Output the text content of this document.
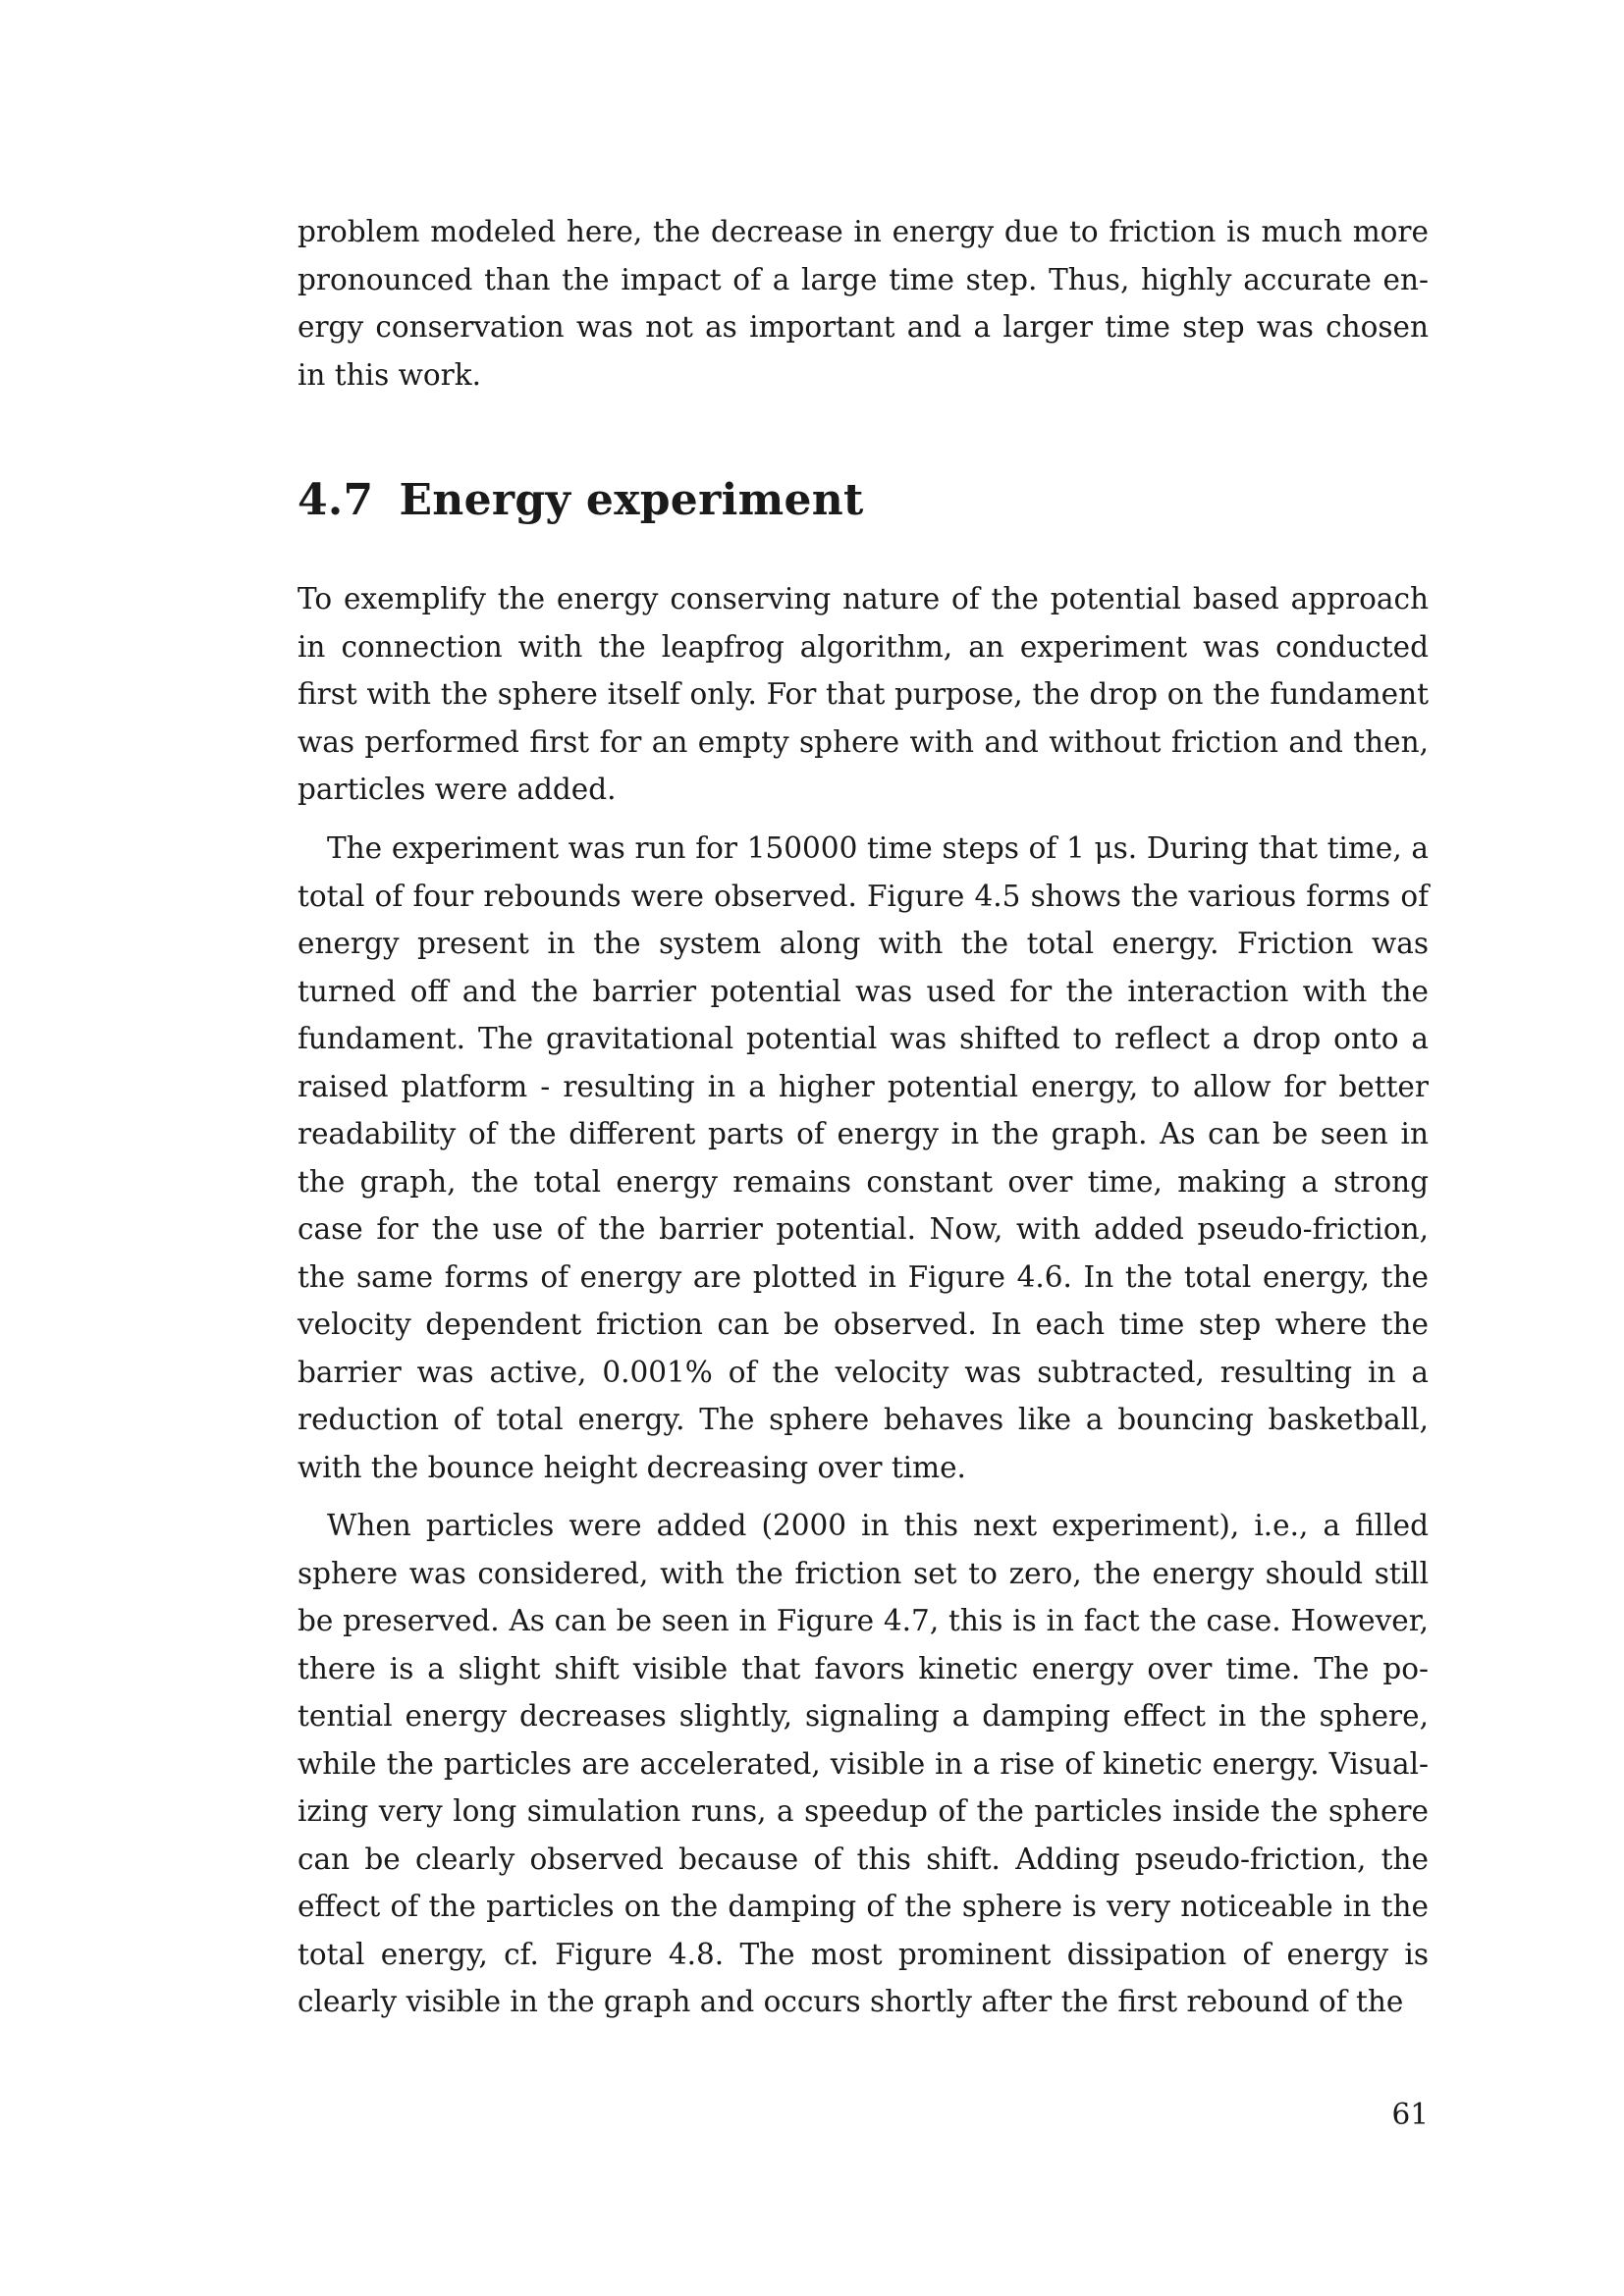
problem modeled here, the decrease in energy due to friction is much more pronounced than the impact of a large time step. Thus, highly accurate energy conservation was not as important and a larger time step was chosen in this work.

4.7 Energy experiment

To exemplify the energy conserving nature of the potential based approach in connection with the leapfrog algorithm, an experiment was conducted first with the sphere itself only. For that purpose, the drop on the fundament was performed first for an empty sphere with and without friction and then, particles were added.

The experiment was run for 150000 time steps of 1 μs. During that time, a total of four rebounds were observed. Figure 4.5 shows the various forms of energy present in the system along with the total energy. Friction was turned off and the barrier potential was used for the interaction with the fundament. The gravitational potential was shifted to reflect a drop onto a raised platform - resulting in a higher potential energy, to allow for better readability of the different parts of energy in the graph. As can be seen in the graph, the total energy remains constant over time, making a strong case for the use of the barrier potential. Now, with added pseudo-friction, the same forms of energy are plotted in Figure 4.6. In the total energy, the velocity dependent friction can be observed. In each time step where the barrier was active, 0.001% of the velocity was subtracted, resulting in a reduction of total energy. The sphere behaves like a bouncing basketball, with the bounce height decreasing over time.

When particles were added (2000 in this next experiment), i.e., a filled sphere was considered, with the friction set to zero, the energy should still be preserved. As can be seen in Figure 4.7, this is in fact the case. However, there is a slight shift visible that favors kinetic energy over time. The potential energy decreases slightly, signaling a damping effect in the sphere, while the particles are accelerated, visible in a rise of kinetic energy. Visualizing very long simulation runs, a speedup of the particles inside the sphere can be clearly observed because of this shift. Adding pseudo-friction, the effect of the particles on the damping of the sphere is very noticeable in the total energy, cf. Figure 4.8. The most prominent dissipation of energy is clearly visible in the graph and occurs shortly after the first rebound of the

61
